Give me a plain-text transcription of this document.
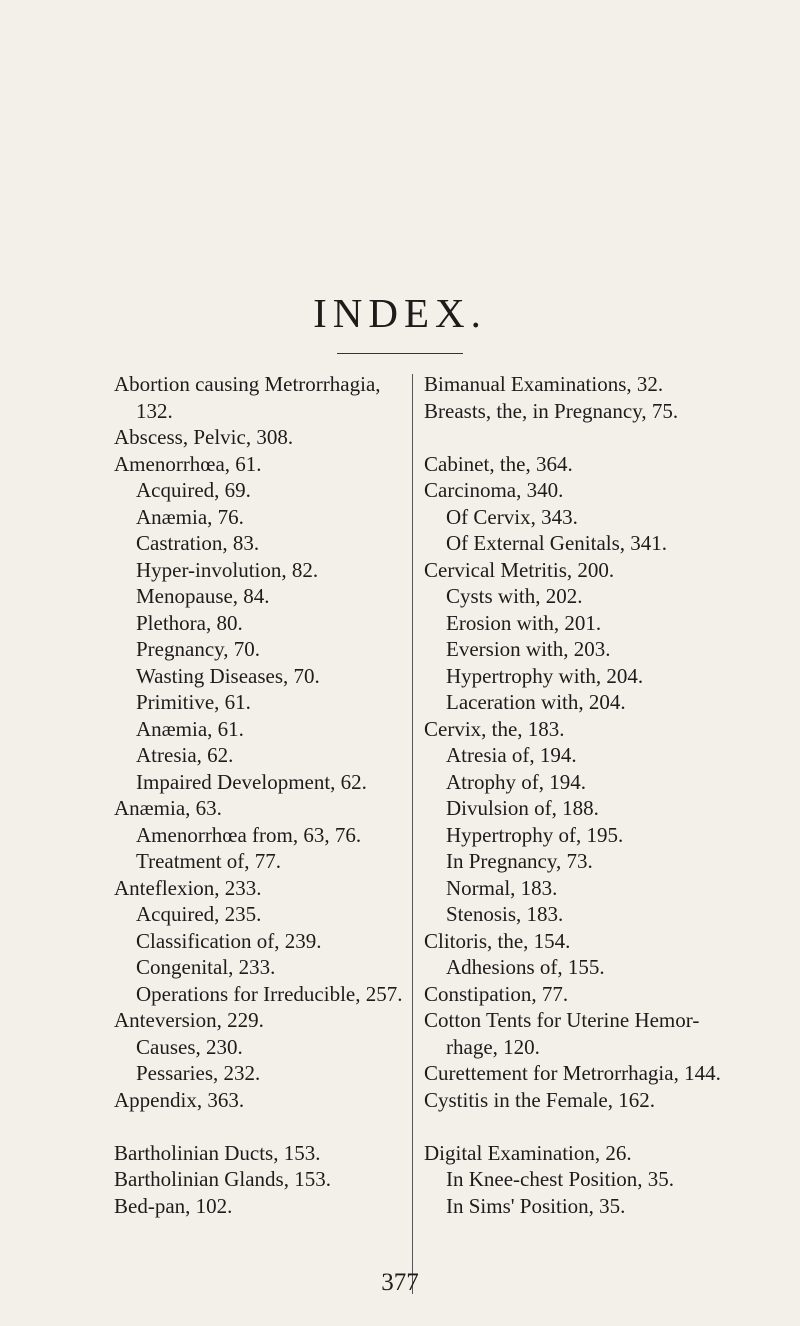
INDEX.
Abortion causing Metrorrhagia,
132.
Abscess, Pelvic, 308.
Amenorrhœa, 61.
Acquired, 69.
Anæmia, 76.
Castration, 83.
Hyper-involution, 82.
Menopause, 84.
Plethora, 80.
Pregnancy, 70.
Wasting Diseases, 70.
Primitive, 61.
Anæmia, 61.
Atresia, 62.
Impaired Development, 62.
Anæmia, 63.
Amenorrhœa from, 63, 76.
Treatment of, 77.
Anteflexion, 233.
Acquired, 235.
Classification of, 239.
Congenital, 233.
Operations for Irreducible, 257.
Anteversion, 229.
Causes, 230.
Pessaries, 232.
Appendix, 363.
Bartholinian Ducts, 153.
Bartholinian Glands, 153.
Bed-pan, 102.
Bimanual Examinations, 32.
Breasts, the, in Pregnancy, 75.
Cabinet, the, 364.
Carcinoma, 340.
Of Cervix, 343.
Of External Genitals, 341.
Cervical Metritis, 200.
Cysts with, 202.
Erosion with, 201.
Eversion with, 203.
Hypertrophy with, 204.
Laceration with, 204.
Cervix, the, 183.
Atresia of, 194.
Atrophy of, 194.
Divulsion of, 188.
Hypertrophy of, 195.
In Pregnancy, 73.
Normal, 183.
Stenosis, 183.
Clitoris, the, 154.
Adhesions of, 155.
Constipation, 77.
Cotton Tents for Uterine Hemor-
rhage, 120.
Curettement for Metrorrhagia, 144.
Cystitis in the Female, 162.
Digital Examination, 26.
In Knee-chest Position, 35.
In Sims' Position, 35.
377
